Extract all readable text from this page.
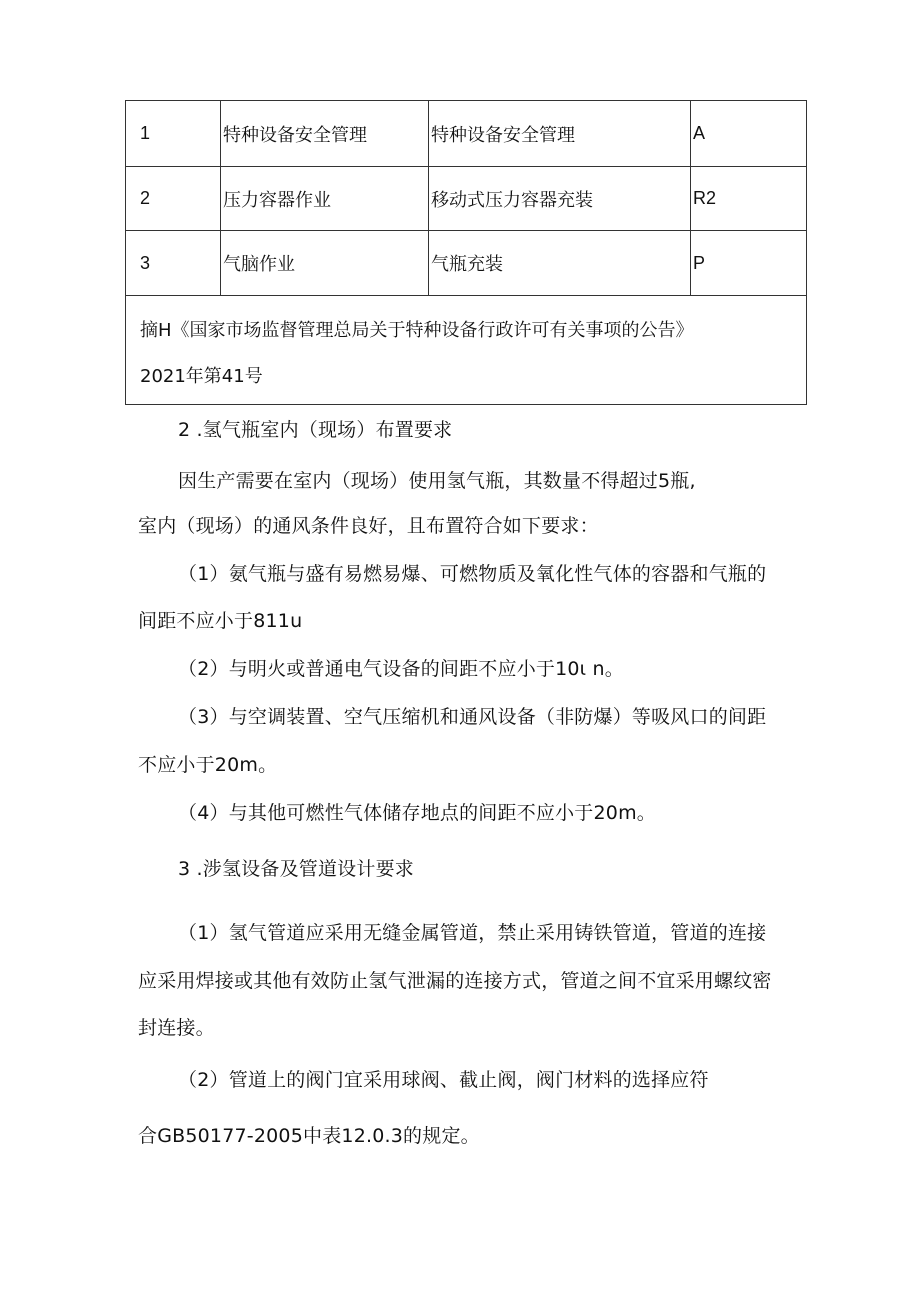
1	特种设备安全管理	特种设备安全管理	A
2	压力容器作业	移动式压力容器充装	R2
3	气脑作业	气瓶充装	P
摘H《国家市场监督管理总局关于特种设备行政许可有关事项的公告》
2021年第41号
2 .氢气瓶室内（现场）布置要求
因生产需要在室内（现场）使用氢气瓶，其数量不得超过5瓶,
室内（现场）的通风条件良好，且布置符合如下要求：
（1）氨气瓶与盛有易燃易爆、可燃物质及氧化性气体的容器和气瓶的
间距不应小于811u
（2）与明火或普通电气设备的间距不应小于10ι n。
（3）与空调装置、空气压缩机和通风设备（非防爆）等吸风口的间距
不应小于20m。
（4）与其他可燃性气体储存地点的间距不应小于20m。
3 .涉氢设备及管道设计要求
（1）氢气管道应采用无缝金属管道，禁止采用铸铁管道，管道的连接
应采用焊接或其他有效防止氢气泄漏的连接方式，管道之间不宜采用螺纹密
封连接。
（2）管道上的阀门宜采用球阀、截止阀，阀门材料的选择应符
合GB50177-2005中表12.0.3的规定。
